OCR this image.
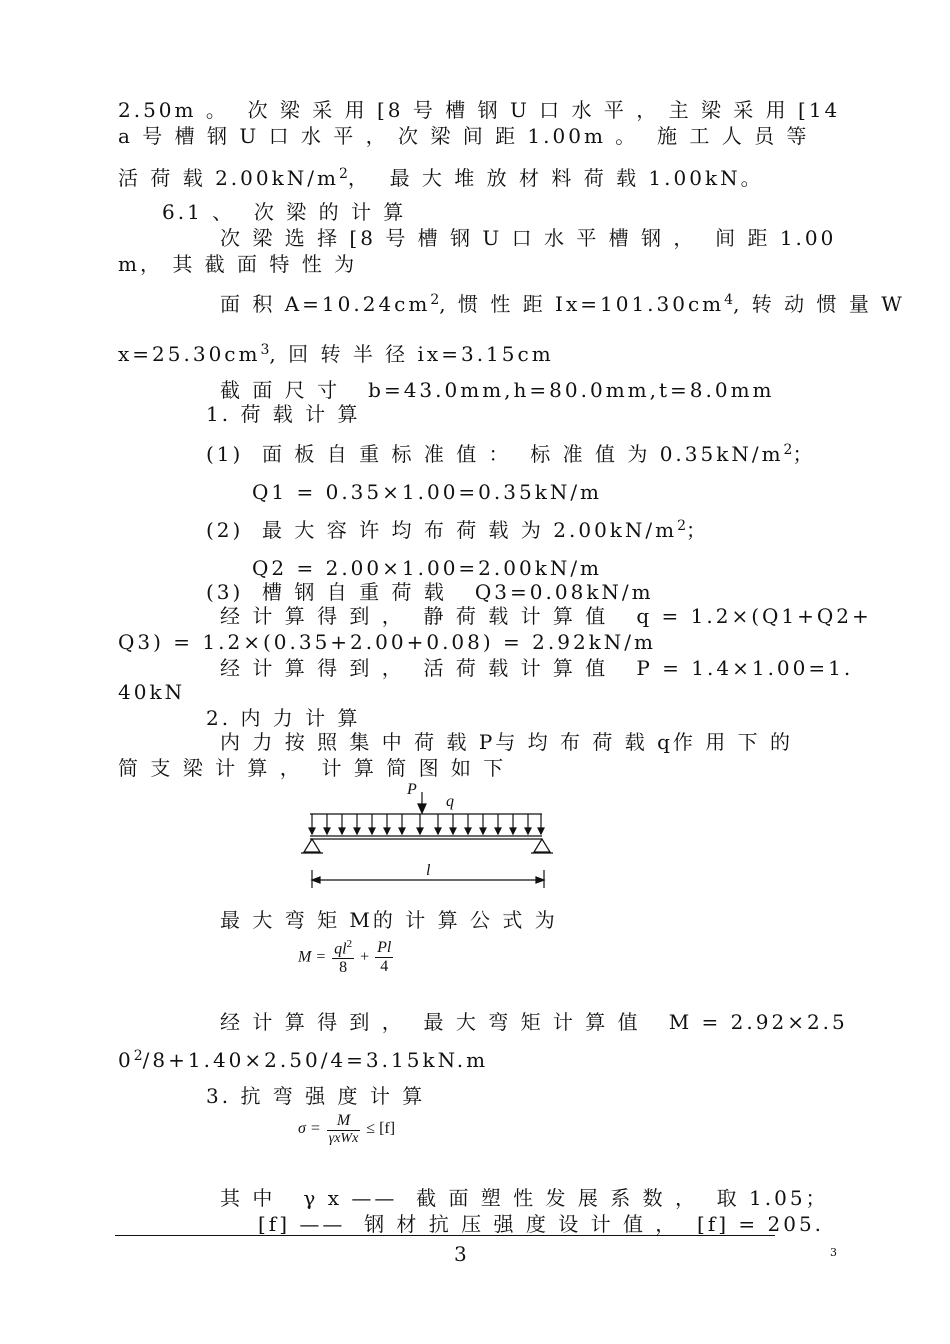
2.50m 。  次 梁 采 用 [8 号 槽 钢 U 口 水 平 ， 主 梁 采 用 [14
a 号 槽 钢 U 口 水 平 ， 次 梁 间 距 1.00m 。  施 工 人 员 等
活 荷 载 $2.00kN/m^2$，  最 大 堆 放 材 料 荷 载 1.00kN。
6.1 、  次 梁 的 计 算
次 梁 选 择 [8 号 槽 钢 U 口 水 平 槽 钢 ，  间 距 1.00
m， 其 截 面 特 性 为
面 积 $A=10.24cm^2$, 惯 性 距 $Ix=101.30cm^4$, 转 动 惯 量 W
$x=25.30cm^3$, 回 转 半 径 ix=3.15cm
截 面 尺 寸   b=43.0mm,h=80.0mm,t=8.0mm
1. 荷 载 计 算
(1)  面 板 自 重 标 准 值 ：  标 准 值 为 $0.35kN/m^2$；
Q1 = 0.35×1.00=0.35kN/m
(2)  最 大 容 许 均 布 荷 载 为 $2.00kN/m^2$；
Q2 = 2.00×1.00=2.00kN/m
(3)  槽 钢 自 重 荷 载   Q3=0.08kN/m
经 计 算 得 到 ，  静 荷 载 计 算 值   q = 1.2×(Q1+Q2+
Q3) = 1.2×(0.35+2.00+0.08) = 2.92kN/m
经 计 算 得 到 ，  活 荷 载 计 算 值   P = 1.4×1.00=1.
40kN
2. 内 力 计 算
内 力 按 照 集 中 荷 载 P与 均 布 荷 载 q作 用 下 的
简 支 梁 计 算 ，  计 算 简 图 如 下
P
q
l
最 大 弯 矩 M的 计 算 公 式 为
$M = \frac{ql^2}{8} + \frac{Pl}{4}$
经 计 算 得 到 ，  最 大 弯 矩 计 算 值   M = 2.92×2.5
$0^2/8+1.40\times 2.50/4=3.15kN.m$
3. 抗 弯 强 度 计 算
$\sigma = \frac{M}{\text{γxWx}} \le [f]$
其 中   γ x ——  截 面 塑 性 发 展 系 数 ，  取 1.05；
[f] ——  钢 材 抗 压 强 度 设 计 值 ，  [f] = 205.
3	3
